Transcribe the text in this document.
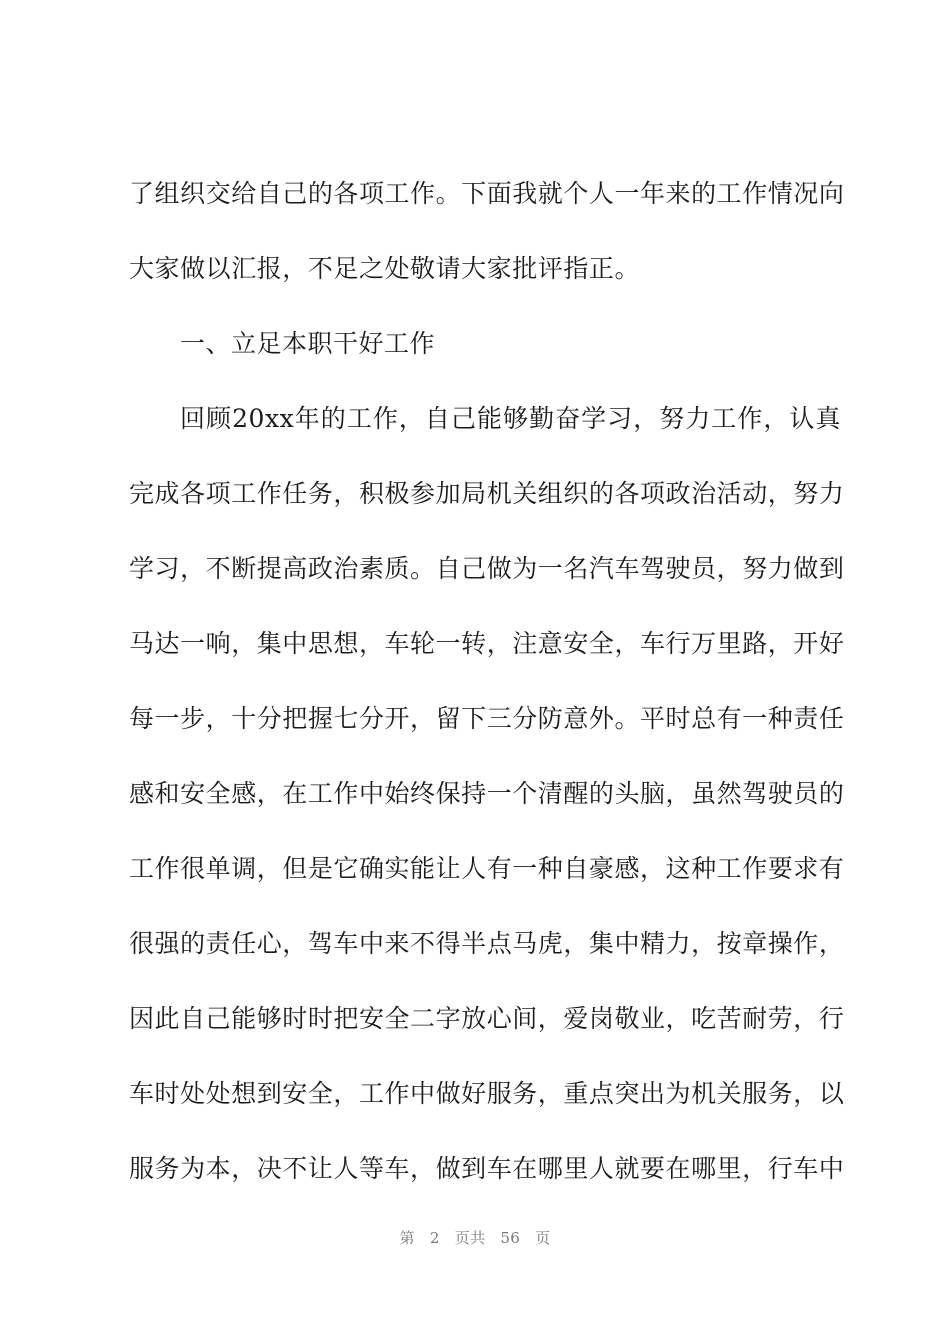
了组织交给自己的各项工作。下面我就个人一年来的工作情况向
大家做以汇报，不足之处敬请大家批评指正。
一、立足本职干好工作
回顾20xx年的工作，自己能够勤奋学习，努力工作，认真
完成各项工作任务，积极参加局机关组织的各项政治活动，努力
学习，不断提高政治素质。自己做为一名汽车驾驶员，努力做到
马达一响，集中思想，车轮一转，注意安全，车行万里路，开好
每一步，十分把握七分开，留下三分防意外。平时总有一种责任
感和安全感，在工作中始终保持一个清醒的头脑，虽然驾驶员的
工作很单调，但是它确实能让人有一种自豪感，这种工作要求有
很强的责任心，驾车中来不得半点马虎，集中精力，按章操作，
因此自己能够时时把安全二字放心间，爱岗敬业，吃苦耐劳，行
车时处处想到安全，工作中做好服务，重点突出为机关服务，以
服务为本，决不让人等车，做到车在哪里人就要在哪里，行车中
第 2 页共 56 页
